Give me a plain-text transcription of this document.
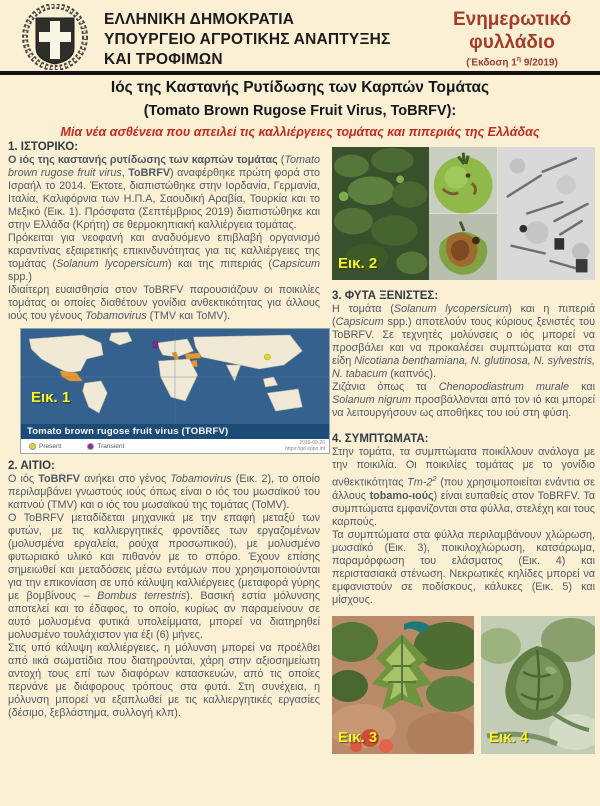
ΕΛΛΗΝΙΚΗ ΔΗΜΟΚΡΑΤΙΑ
ΥΠΟΥΡΓΕΙΟ ΑΓΡΟΤΙΚΗΣ ΑΝΑΠΤΥΞΗΣ
ΚΑΙ ΤΡΟΦΙΜΩΝ
Ενημερωτικό
φυλλάδιο
(Έκδοση $1^\eta$ 9/2019)
Ιός της Καστανής Ρυτίδωσης των Καρπών Τομάτας
(Tomato Brown Rugose Fruit Virus, ToBRFV):
Μία νέα ασθένεια που απειλεί τις καλλιέργειες τομάτας και πιπεριάς της Ελλάδας
1. ΙΣΤΟΡΙΚΟ:

Ο ιός της καστανής ρυτίδωσης των καρπών τομάτας (Tomato brown rugose fruit virus, ToBRFV) αναφέρθηκε πρώτη φορά στο Ισραήλ το 2014. Έκτοτε, διαπιστώθηκε στην Ιορδανία, Γερμανία, Ιταλία, Καλιφόρνια των Η.Π.Α, Σαουδική Αραβία, Τουρκία και το Μεξικό (Εικ. 1). Πρόσφατα (Σεπτέμβριος 2019) διαπιστώθηκε και στην Ελλάδα (Κρήτη) σε θερμοκηπιακή καλλιέργεια τομάτας.

Πρόκειται για νεοφανή και αναδυόμενο επιβλαβή οργανισμό καραντίνας εξαιρετικής επικινδυνότητας για τις καλλιέργειες της τομάτας (Solanum lycopersicum) και της πιπεριάς (Capsicum spp.)

Ιδιαίτερη ευαισθησία στον ToBRFV παρουσιάζουν οι ποικιλίες τομάτας οι οποίες διαθέτουν γονίδια ανθεκτικότητας για άλλους ιούς του γένους Tobamovirus (TMV και ToMV).

Εικ. 1
Tomato brown rugose fruit virus (TOBRFV)
Present	Transient	2019-09-26
https://gd.eppo.int
2. ΑΙΤΙΟ:

Ο ιός ToBRFV ανήκει στο γένος Tobamovirus (Εικ. 2), το οποίο περιλαμβάνει γνωστούς ιούς όπως είναι ο ιός του μωσαϊκού του καπνού (TMV) και ο ιός του μωσαϊκού της τομάτας (ToMV).

Ο ToBRFV μεταδίδεται μηχανικά με την επαφή μεταξύ των φυτών, με τις καλλιεργητικές φροντίδες των εργαζομένων (μολυσμένα εργαλεία, ρούχα προσωπικού), με μολυσμένο φυτωριακό υλικό και πιθανόν με το σπόρο. Έχουν επίσης σημειωθεί και μεταδόσεις μέσω εντόμων που χρησιμοποιούνται για την επικονίαση σε υπό κάλυψη καλλιέργειες (μεταφορά γύρης με βομβίνους – Bombus terrestris). Βασική εστία μόλυνσης αποτελεί και το έδαφος, το οποίο, κυρίως αν παραμείνουν σε αυτό μολυσμένα φυτικά υπολείμματα, μπορεί να διατηρηθεί μολυσμένο τουλάχιστον για έξι (6) μήνες.

Στις υπό κάλυψη καλλιέργειες, η μόλυνση μπορεί να προέλθει από ιικά σωματίδια που διατηρούνται, χάρη στην αξιοσημείωτη αντοχή τους επί των διαφόρων κατασκευών, από τις οποίες περνάνε με διάφορους τρόπους στα φυτά. Στη συνέχεια, η μόλυνση μπορεί να εξαπλωθεί με τις καλλιεργητικές εργασίες (δέσιμο, ξεβλάστημα, συλλογή κλπ).

Εικ. 2
3. ΦΥΤΑ ΞΕΝΙΣΤΕΣ:

Η τομάτα (Solanum lycopersicum) και η πιπεριά (Capsicum spp.) αποτελούν τους κύριους ξενιστές του ToBRFV. Σε τεχνητές μολύνσεις ο ιός μπορεί να προσβάλει και να προκαλέσει συμπτώματα και στα είδη Nicotiana benthamiana, N. glutinosa, N. sylvestris, N. tabacum (καπνός).

Ζιζάνια όπως τα Chenopodiastrum murale και Solanum nigrum προσβάλλονται από τον ιό και μπορεί να λειτουργήσουν ως αποθήκες του ιού στη φύση.

4. ΣΥΜΠΤΩΜΑΤΑ:

Στην τομάτα, τα συμπτώματα ποικίλλουν ανάλογα με την ποικιλία. Οι ποικιλίες τομάτας με το γονίδιο ανθεκτικότητας $Tm-2^2$ (που χρησιμοποιείται ενάντια σε άλλους tobamo-ιούς) είναι ευπαθείς στον ToBRFV. Τα συμπτώματα εμφανίζονται στα φύλλα, στελέχη και τους καρπούς.

Τα συμπτώματα στα φύλλα περιλαμβάνουν χλώρωση, μωσαϊκό (Εικ. 3), ποικιλοχλώρωση, κατσάρωμα, παραμόρφωση του ελάσματος (Εικ. 4) και περιστασιακά στένωση. Νεκρωτικές κηλίδες μπορεί να εμφανιστούν σε ποδίσκους, κάλυκες (Εικ. 5) και μίσχους.

Εικ. 3	Εικ. 4
